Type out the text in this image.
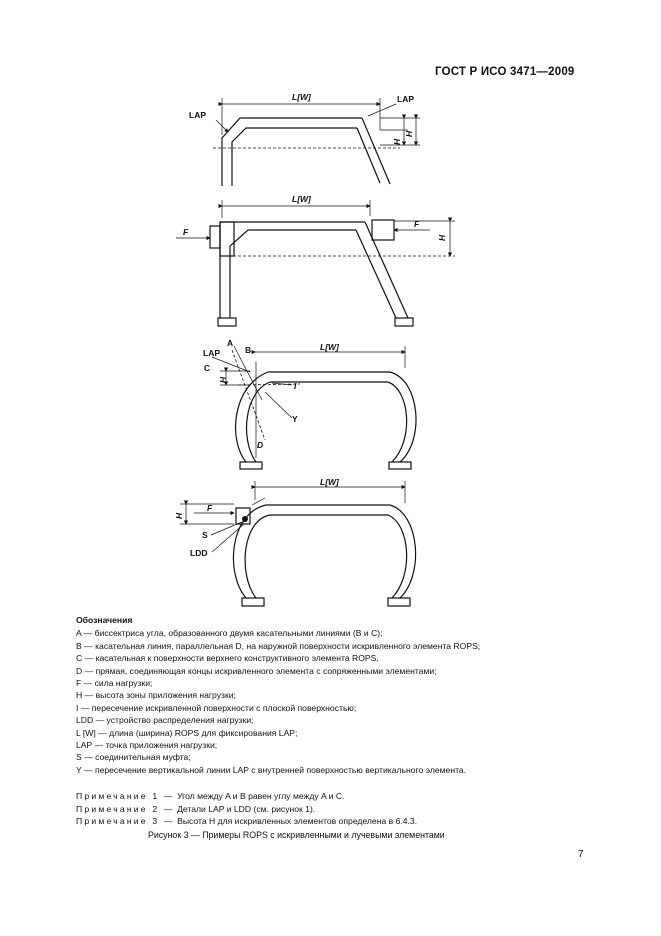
ГОСТ Р ИСО 3471—2009
LAP
L[W]	LAP
H
H
L[W]
F
F
H
LAP
A
B
C
H
L[W]
I
Y
D
L[W]
F
H
S
LDD
Обозначения
A — биссектриса угла, образованного двумя касательными линиями (B и C);
B — касательная линия, параллельная D, на наружной поверхности искривленного элемента ROPS;
C — касательная к поверхности верхнего конструктивного элемента ROPS,
D — прямая, соединяющая концы искривленного элемента с сопряженными элементами;
F — сила нагрузки;
H — высота зоны приложения нагрузки;
I — пересечение искривленной поверхности с плоской поверхностью;
LDD — устройство распределения нагрузки;
L [W] — длина (ширина) ROPS для фиксирования LAP;
LAP — точка приложения нагрузки;
S — соединительная муфта;
Y — пересечение вертикальной линии LAP с внутренней поверхностью вертикального элемента.
Примечание 1 — Угол между A и B равен углу между A и C.
Примечание 2 — Детали LAP и LDD (см. рисунок 1).
Примечание 3 — Высота H для искривленных элементов определена в 6.4.3.
Рисунок 3 — Примеры ROPS с искривленными и лучевыми элементами
7
